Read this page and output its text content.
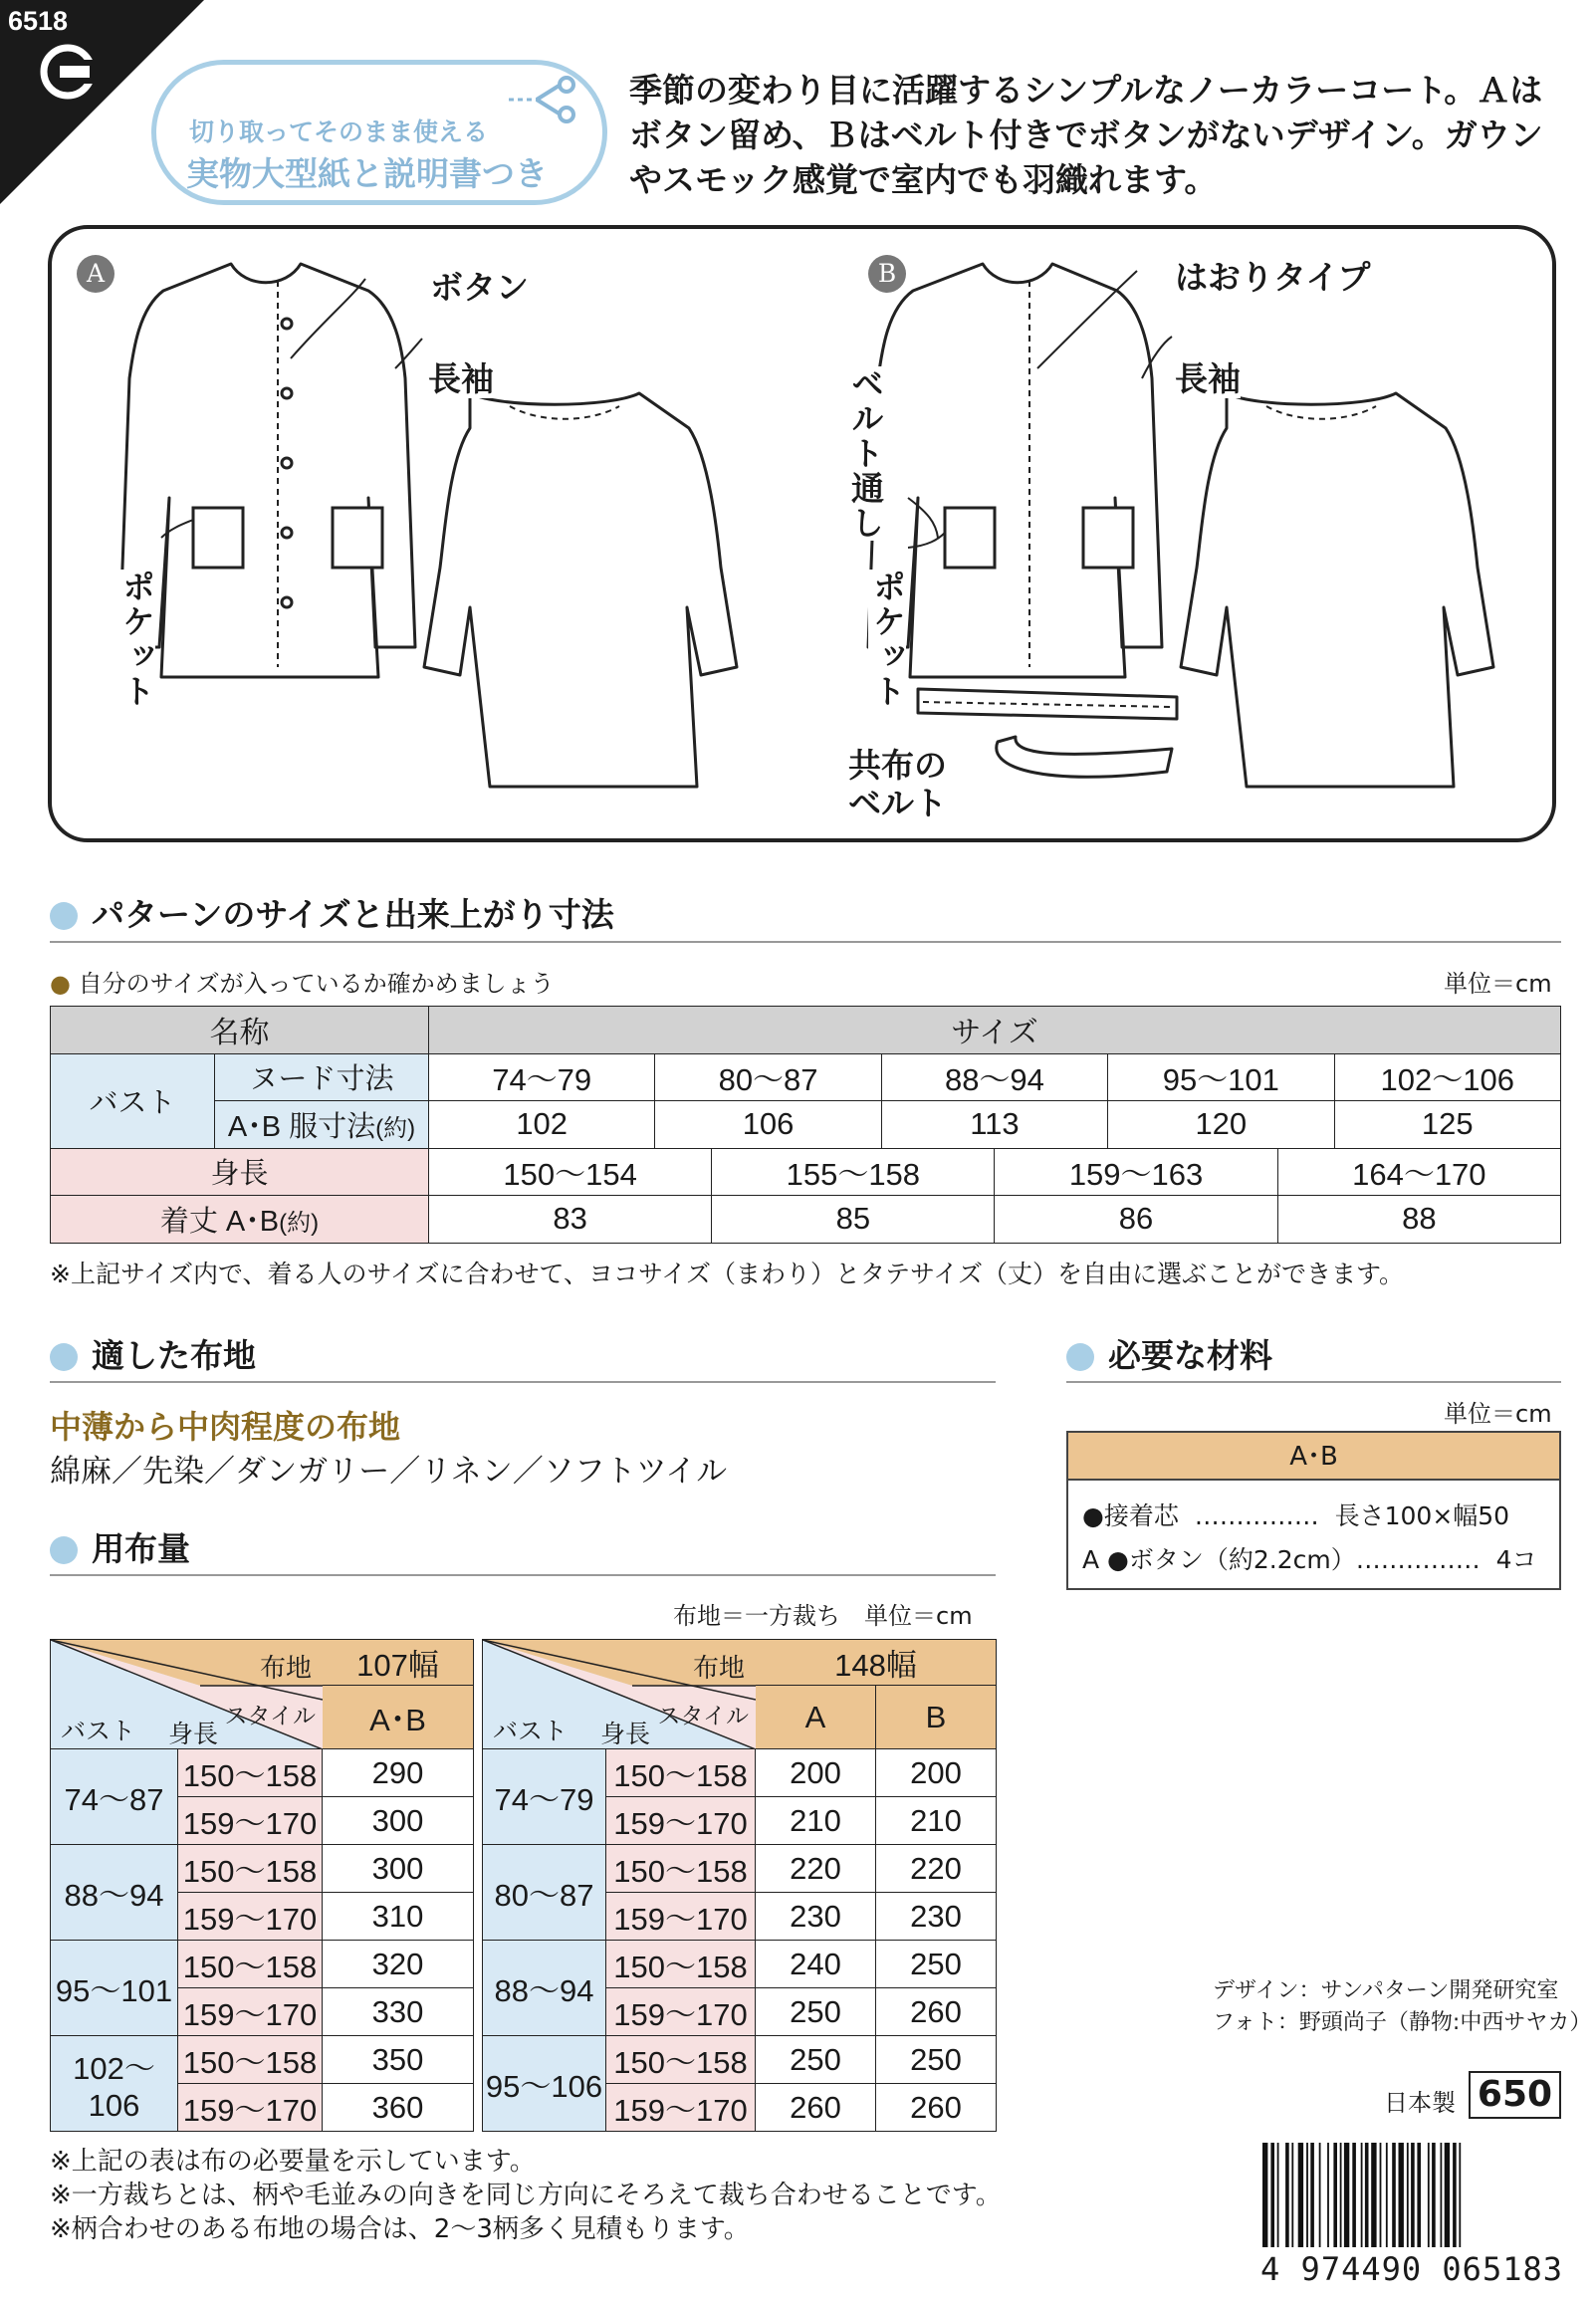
6518
切り取ってそのまま使える
実物大型紙と説明書つき
季節の変わり目に活躍するシンプルなノーカラーコート。Ａはボタン留め、Ｂはベルト付きでボタンがないデザイン。ガウンやスモック感覚で室内でも羽織れます。
A	B
ボタン
長袖
ポケット
はおりタイプ
長袖
ベルト通し
ポケット
共布のベルト
パターンのサイズと出来上がり寸法
● 自分のサイズが入っているか確かめましょう	単位＝cm
名称		サイズ							
バスト	ヌード寸法	74〜79	80〜87		88〜94		95〜101		102〜106
	A･B 服寸法(約)	102	106		113		120		125
身長		150〜154		155〜158		159〜163		164〜170	
着丈 A･B(約)		83		85		86		88	
※上記サイズ内で、着る人のサイズに合わせて、ヨコサイズ（まわり）とタテサイズ（丈）を自由に選ぶことができます。
適した布地
中薄から中肉程度の布地
綿麻／先染／ダンガリー／リネン／ソフトツイル
必要な材料
単位＝cm
A･B
●接着芯  ……………  長さ100×幅50
A ●ボタン（約2.2cm）……………  4コ
用布量
布地＝一方裁ち　単位＝cm
布地
スタイル
身長
バスト		107幅
		A･B
74〜87	150〜158	290
	159〜170	300
88〜94	150〜158	300
	159〜170	310
95〜101	150〜158	320
	159〜170	330
102〜106	150〜158	350
	159〜170	360
布地
スタイル
身長
バスト		148幅	
		A	B
74〜79	150〜158	200	200
	159〜170	210	210
80〜87	150〜158	220	220
	159〜170	230	230
88〜94	150〜158	240	250
	159〜170	250	260
95〜106	150〜158	250	250
	159〜170	260	260
※上記の表は布の必要量を示しています。
※一方裁ちとは、柄や毛並みの向きを同じ方向にそろえて裁ち合わせることです。
※柄合わせのある布地の場合は、2〜3柄多く見積もります。
デザイン：サンパターン開発研究室
フォト：野頭尚子（静物:中西サヤカ）
日本製 650
4 974490 065183
